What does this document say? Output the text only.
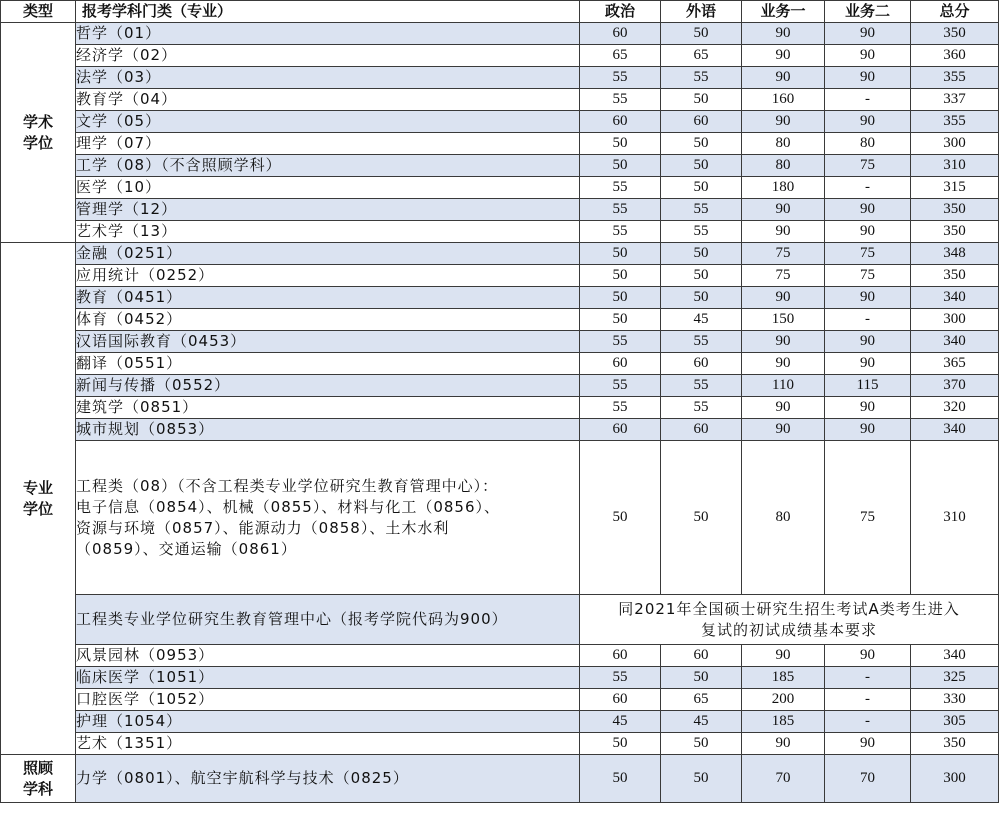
类型	报考学科门类（专业）	政治	外语	业务一	业务二	总分

学术
学位	哲学（01）	60	50	90	90	350
	经济学（02）	65	65	90	90	360
	法学（03）	55	55	90	90	355
	教育学（04）	55	50	160	-	337
	文学（05）	60	60	90	90	355
	理学（07）	50	50	80	80	300
	工学（08）（不含照顾学科）	50	50	80	75	310
	医学（10）	55	50	180	-	315
	管理学（12）	55	55	90	90	350
	艺术学（13）	55	55	90	90	350

专业
学位	金融（0251）	50	50	75	75	348
	应用统计（0252）	50	50	75	75	350
	教育（0451）	50	50	90	90	340
	体育（0452）	50	45	150	-	300
	汉语国际教育（0453）	55	55	90	90	340
	翻译（0551）	60	60	90	90	365
	新闻与传播（0552）	55	55	110	115	370
	建筑学（0851）	55	55	90	90	320
	城市规划（0853）	60	60	90	90	340

	工程类（08）（不含工程类专业学位研究生教育管理中心）：
电子信息（0854）、机械（0855）、材料与化工（0856）、
资源与环境（0857）、能源动力（0858）、土木水利
（0859）、交通运输（0861）	50	50	80	75	310
	工程类专业学位研究生教育管理中心（报考学院代码为900）	同2021年全国硕士研究生招生考试A类考生进入
复试的初试成绩基本要求				

	风景园林（0953）	60	60	90	90	340
	临床医学（1051）	55	50	185	-	325
	口腔医学（1052）	60	65	200	-	330
	护理（1054）	45	45	185	-	305
	艺术（1351）	50	50	90	90	350

照顾
学科	力学（0801）、航空宇航科学与技术（0825）	50	50	70	70	300
